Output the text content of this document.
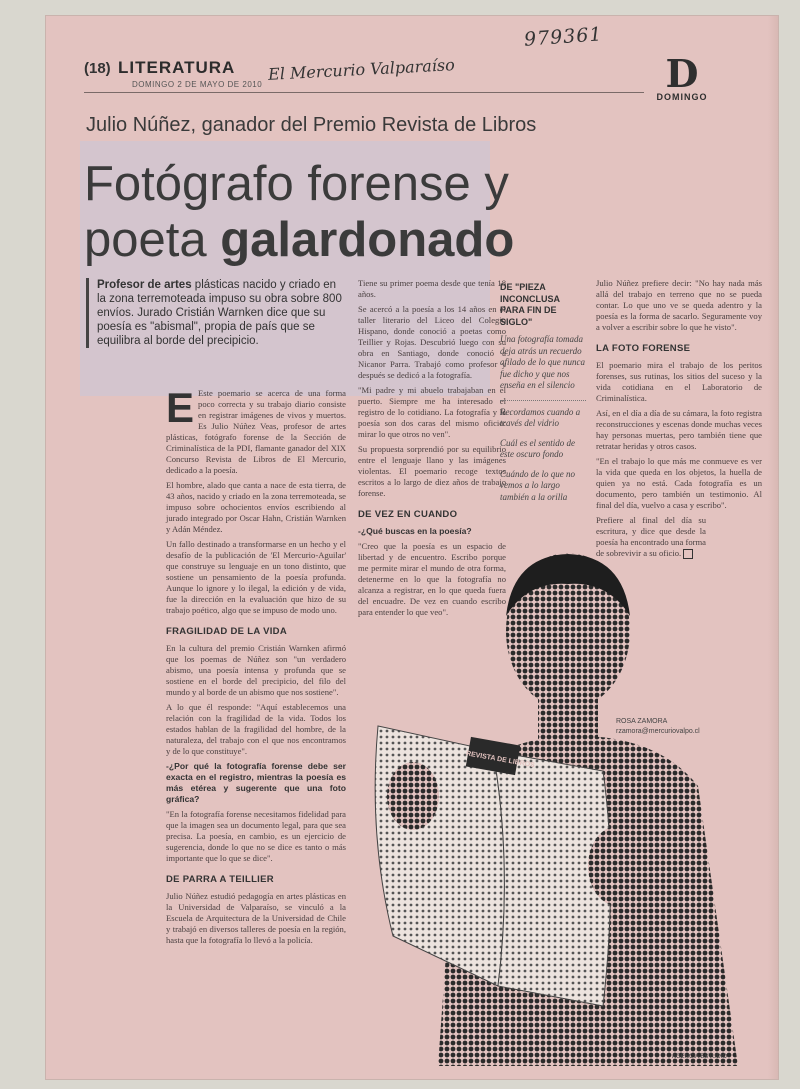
979361
El Mercurio Valparaíso
(18) LITERATURA
DOMINGO 2 DE MAYO DE 2010	D
DOMINGO
Julio Núñez, ganador del Premio Revista de Libros
Fotógrafo forense y
poeta galardonado
Profesor de artes plásticas nacido y criado en la zona terremoteada impuso su obra sobre 800 envíos. Jurado Cristián Warnken dice que su poesía es "abismal", propia de país que se equilibra al borde del precipicio.

E Este poemario se acerca de una forma poco correcta y su trabajo diario consiste en registrar imágenes de vivos y muertos. Es Julio Núñez Veas, profesor de artes plásticas, fotógrafo forense de la Sección de Criminalística de la PDI, flamante ganador del XIX Concurso Revista de Libros de El Mercurio, dedicado a la poesía.

El hombre, alado que canta a nace de esta tierra, de 43 años, nacido y criado en la zona terremoteada, se impuso sobre ochocientos envíos escribiendo al jurado integrado por Oscar Hahn, Cristián Warnken y Adán Méndez.

Un fallo destinado a transformarse en un hecho y el desafío de la publicación de 'El Mercurio-Aguilar' que construye su lenguaje en un tono distinto, que sostiene un pensamiento de la poesía profunda. Aunque lo ignore y lo ilegal, la edición y de vida, fue la dirección en la evaluación que hizo de su trabajo poético, algo que se impuso de modo uno.

FRAGILIDAD DE LA VIDA

En la cultura del premio Cristián Warnken afirmó que los poemas de Núñez son "un verdadero abismo, una poesía intensa y profunda que se sostiene en el borde del precipicio, del filo del mundo y al borde de un abismo que nos sostiene".

A lo que él responde: "Aquí establecemos una relación con la fragilidad de la vida. Todos los estados hablan de la fragilidad del hombre, de la naturaleza, del trabajo con el que nos encontramos y de lo que constituye".

-¿Por qué la fotografía forense debe ser exacta en el registro, mientras la poesía es más etérea y sugerente que una foto gráfica?

"En la fotografía forense necesitamos fidelidad para que la imagen sea un documento legal, para que sea precisa. La poesía, en cambio, es un ejercicio de sugerencia, donde lo que no se dice es tanto o más importante que lo que se dice".

DE PARRA A TEILLIER

Julio Núñez estudió pedagogía en artes plásticas en la Universidad de Valparaíso, se vinculó a la Escuela de Arquitectura de la Universidad de Chile y trabajó en diversos talleres de poesía en la región, hasta que la fotografía lo llevó a la policía.

Tiene su primer poema desde que tenía 18 años.

Se acercó a la poesía a los 14 años en el taller literario del Liceo del Colegio Hispano, donde conoció a poetas como Teillier y Rojas. Descubrió luego con su obra en Santiago, donde conoció a Nicanor Parra. Trabajó como profesor y después se dedicó a la fotografía.

"Mi padre y mi abuelo trabajaban en el puerto. Siempre me ha interesado el registro de lo cotidiano. La fotografía y la poesía son dos caras del mismo oficio: mirar lo que otros no ven".

Su propuesta sorprendió por su equilibrio entre el lenguaje llano y las imágenes violentas. El poemario recoge textos escritos a lo largo de diez años de trabajo forense.

DE VEZ EN CUANDO

-¿Qué buscas en la poesía?

"Creo que la poesía es un espacio de libertad y de encuentro. Escribo porque me permite mirar el mundo de otra forma, detenerme en lo que la fotografía no alcanza a registrar, en lo que queda fuera del encuadre. De vez en cuando escribo para entender lo que veo".

DE "PIEZA INCONCLUSA PARA FIN DE SIGLO"

Una fotografía tomada deja atrás un recuerdo afilado de lo que nunca fue dicho y que nos enseña en el silencio

Recordamos cuando a través del vidrio

Cuál es el sentido de este oscuro fondo

Cuándo de lo que no vemos a lo largo también a la orilla

Julio Núñez prefiere decir: "No hay nada más allá del trabajo en terreno que no se pueda contar. Lo que uno ve se queda adentro y la poesía es la forma de sacarlo. Seguramente voy a volver a escribir sobre lo que he visto".

LA FOTO FORENSE

El poemario mira el trabajo de los peritos forenses, sus rutinas, los sitios del suceso y la vida cotidiana en el Laboratorio de Criminalística.

Así, en el día a día de su cámara, la foto registra reconstrucciones y escenas donde muchas veces hay personas muertas, pero también tiene que retratar heridas y otros casos.

"En el trabajo lo que más me conmueve es ver la vida que queda en los objetos, la huella de quien ya no está. Cada fotografía es un documento, pero también un testimonio. Al final del día, vuelvo a casa y escribo".

Prefiere al final del día su escritura, y dice que desde la poesía ha encontrado una forma de sobrevivir a su oficio.

REVISTA DE LIBROS
ROSA ZAMORA
rzamora@mercuriovalpo.cl
AGENCIA ESTUDIO
